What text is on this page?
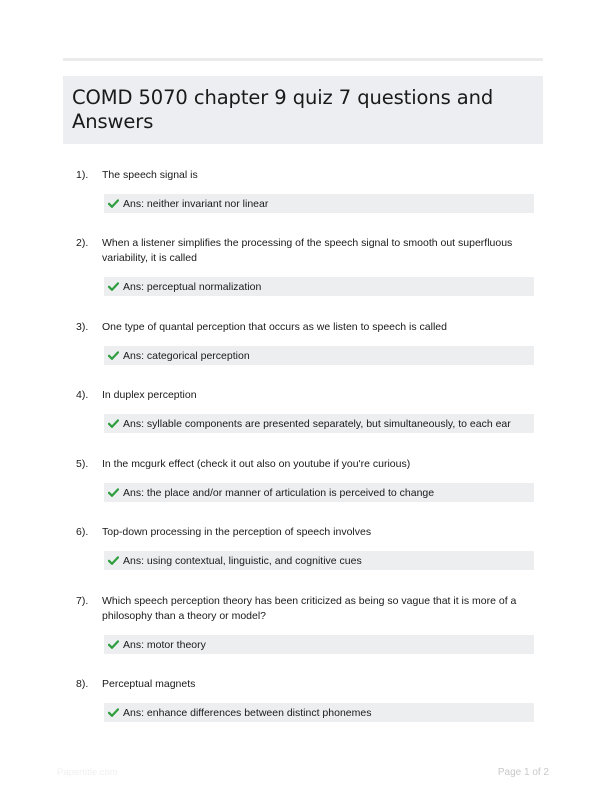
COMD 5070 chapter 9 quiz 7 questions and Answers
1). The speech signal is
Ans: neither invariant nor linear
2). When a listener simplifies the processing of the speech signal to smooth out superfluous variability, it is called
Ans: perceptual normalization
3). One type of quantal perception that occurs as we listen to speech is called
Ans: categorical perception
4). In duplex perception
Ans: syllable components are presented separately, but simultaneously, to each ear
5). In the mcgurk effect (check it out also on youtube if you're curious)
Ans: the place and/or manner of articulation is perceived to change
6). Top-down processing in the perception of speech involves
Ans: using contextual, linguistic, and cognitive cues
7). Which speech perception theory has been criticized as being so vague that it is more of a philosophy than a theory or model?
Ans: motor theory
8). Perceptual magnets
Ans: enhance differences between distinct phonemes
Papertitle.com	Page 1 of 2
